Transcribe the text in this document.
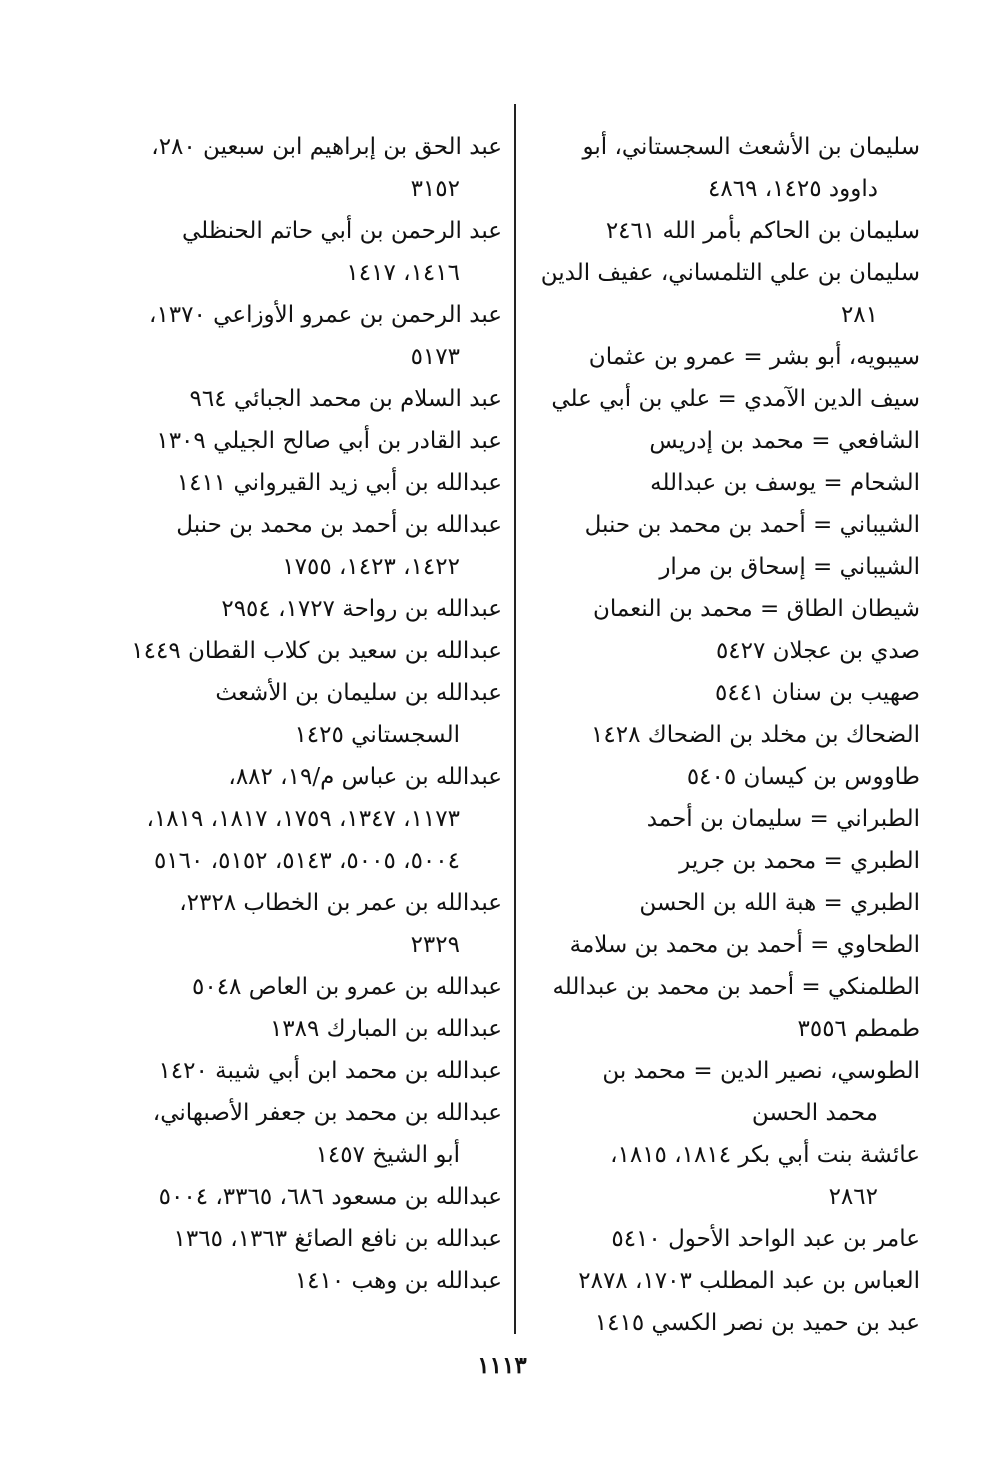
سليمان بن الأشعث السجستاني، أبو
داوود ١٤٢٥، ٤٨٦٩
سليمان بن الحاكم بأمر الله ٢٤٦١
سليمان بن علي التلمساني، عفيف الدين
٢٨١
سيبويه، أبو بشر = عمرو بن عثمان
سيف الدين الآمدي = علي بن أبي علي
الشافعي = محمد بن إدريس
الشحام = يوسف بن عبدالله
الشيباني = أحمد بن محمد بن حنبل
الشيباني = إسحاق بن مرار
شيطان الطاق = محمد بن النعمان
صدي بن عجلان ٥٤٢٧
صهيب بن سنان ٥٤٤١
الضحاك بن مخلد بن الضحاك ١٤٢٨
طاووس بن كيسان ٥٤٠٥
الطبراني = سليمان بن أحمد
الطبري = محمد بن جرير
الطبري = هبة الله بن الحسن
الطحاوي = أحمد بن محمد بن سلامة
الطلمنكي = أحمد بن محمد بن عبدالله
طمطم ٣٥٥٦
الطوسي، نصير الدين = محمد بن
محمد الحسن
عائشة بنت أبي بكر ١٨١٤، ١٨١٥،
٢٨٦٢
عامر بن عبد الواحد الأحول ٥٤١٠
العباس بن عبد المطلب ١٧٠٣، ٢٨٧٨
عبد بن حميد بن نصر الكسي ١٤١٥
عبد الحق بن إبراهيم ابن سبعين ٢٨٠،
٣١٥٢
عبد الرحمن بن أبي حاتم الحنظلي
١٤١٦، ١٤١٧
عبد الرحمن بن عمرو الأوزاعي ١٣٧٠،
٥١٧٣
عبد السلام بن محمد الجبائي ٩٦٤
عبد القادر بن أبي صالح الجيلي ١٣٠٩
عبدالله بن أبي زيد القيرواني ١٤١١
عبدالله بن أحمد بن محمد بن حنبل
١٤٢٢، ١٤٢٣، ١٧٥٥
عبدالله بن رواحة ١٧٢٧، ٢٩٥٤
عبدالله بن سعيد بن كلاب القطان ١٤٤٩
عبدالله بن سليمان بن الأشعث
السجستاني ١٤٢٥
عبدالله بن عباس م/١٩، ٨٨٢،
١١٧٣، ١٣٤٧، ١٧٥٩، ١٨١٧، ١٨١٩، ٥٠٠٤، ٥٠٠٥، ٥١٤٣، ٥١٥٢، ٥١٦٠
عبدالله بن عمر بن الخطاب ٢٣٢٨،
٢٣٢٩
عبدالله بن عمرو بن العاص ٥٠٤٨
عبدالله بن المبارك ١٣٨٩
عبدالله بن محمد ابن أبي شيبة ١٤٢٠
عبدالله بن محمد بن جعفر الأصبهاني،
أبو الشيخ ١٤٥٧
عبدالله بن مسعود ٦٨٦، ٣٣٦٥، ٥٠٠٤
عبدالله بن نافع الصائغ ١٣٦٣، ١٣٦٥
عبدالله بن وهب ١٤١٠
١١١٣
